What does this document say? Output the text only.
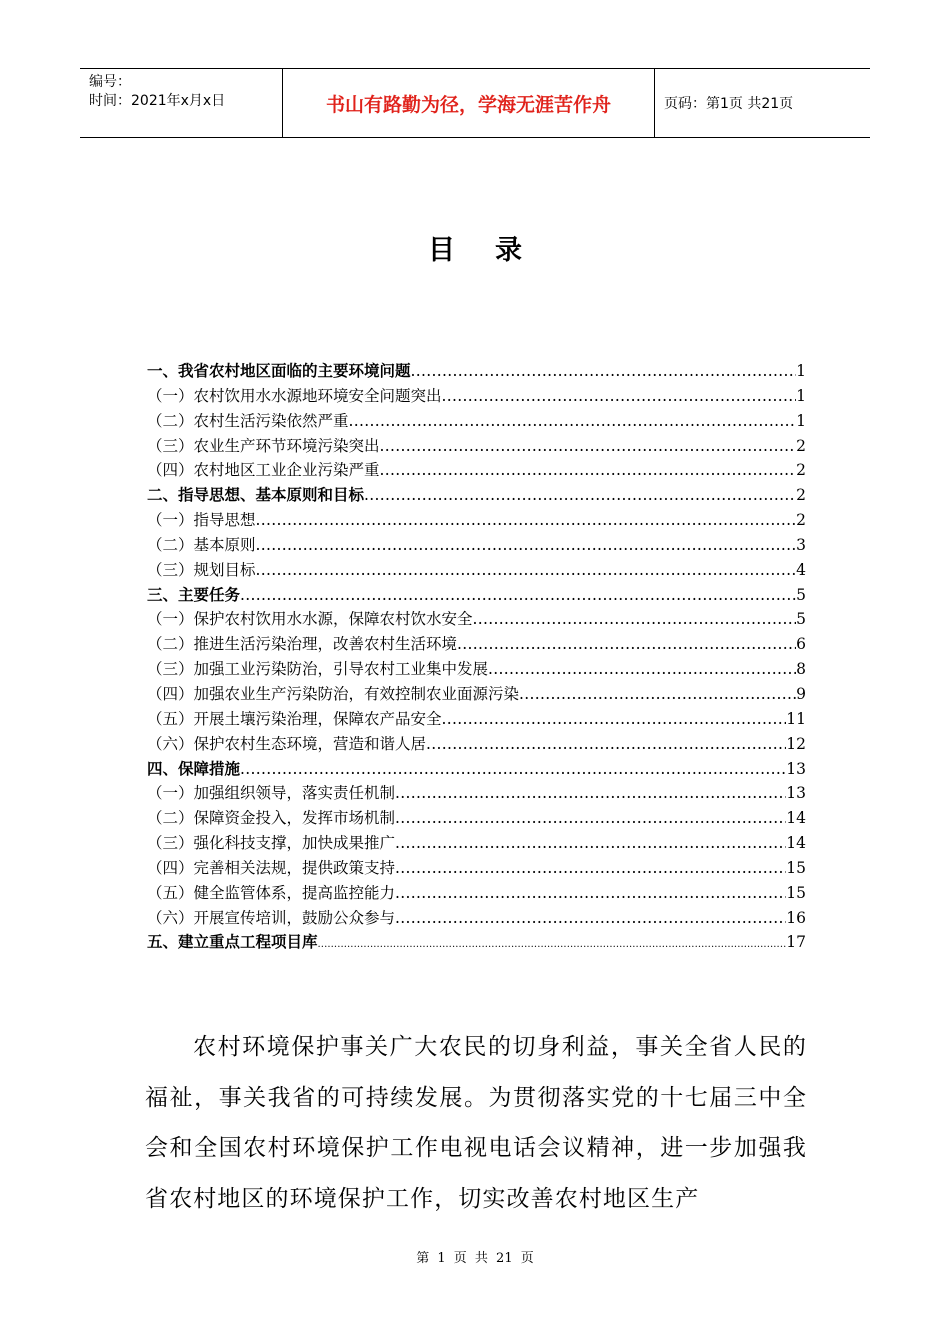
编号：
时间：2021年x月x日	书山有路勤为径，学海无涯苦作舟	页码：第1页 共21页
目录
一、我省农村地区面临的主要环境问题 . . .	1
（一）农村饮用水水源地环境安全问题突出 . . .	1
（二）农村生活污染依然严重 . . .	1
（三）农业生产环节环境污染突出 . . .	2
（四）农村地区工业企业污染严重 . . .	2
二、指导思想、基本原则和目标 . . .	2
（一）指导思想 . . .	2
（二）基本原则 . . .	3
（三）规划目标 . . .	4
三、主要任务 . . .	5
（一）保护农村饮用水水源，保障农村饮水安全 . . .	5
（二）推进生活污染治理，改善农村生活环境 . . .	6
（三）加强工业污染防治，引导农村工业集中发展 . . .	8
（四）加强农业生产污染防治，有效控制农业面源污染 . . .	9
（五）开展土壤污染治理，保障农产品安全 . . .	11
（六）保护农村生态环境，营造和谐人居 . . .	12
四、保障措施 . . .	13
（一）加强组织领导，落实责任机制 . . .	13
（二）保障资金投入，发挥市场机制 . . .	14
（三）强化科技支撑，加快成果推广 . . .	14
（四）完善相关法规，提供政策支持 . . .	15
（五）健全监管体系，提高监控能力 . . .	15
（六）开展宣传培训，鼓励公众参与 . . .	16
五、建立重点工程项目库 .....	17
农村环境保护事关广大农民的切身利益，事关全省人民的福祉，事关我省的可持续发展。为贯彻落实党的十七届三中全会和全国农村环境保护工作电视电话会议精神，进一步加强我省农村地区的环境保护工作，切实改善农村地区生产
第 1 页 共 21 页
